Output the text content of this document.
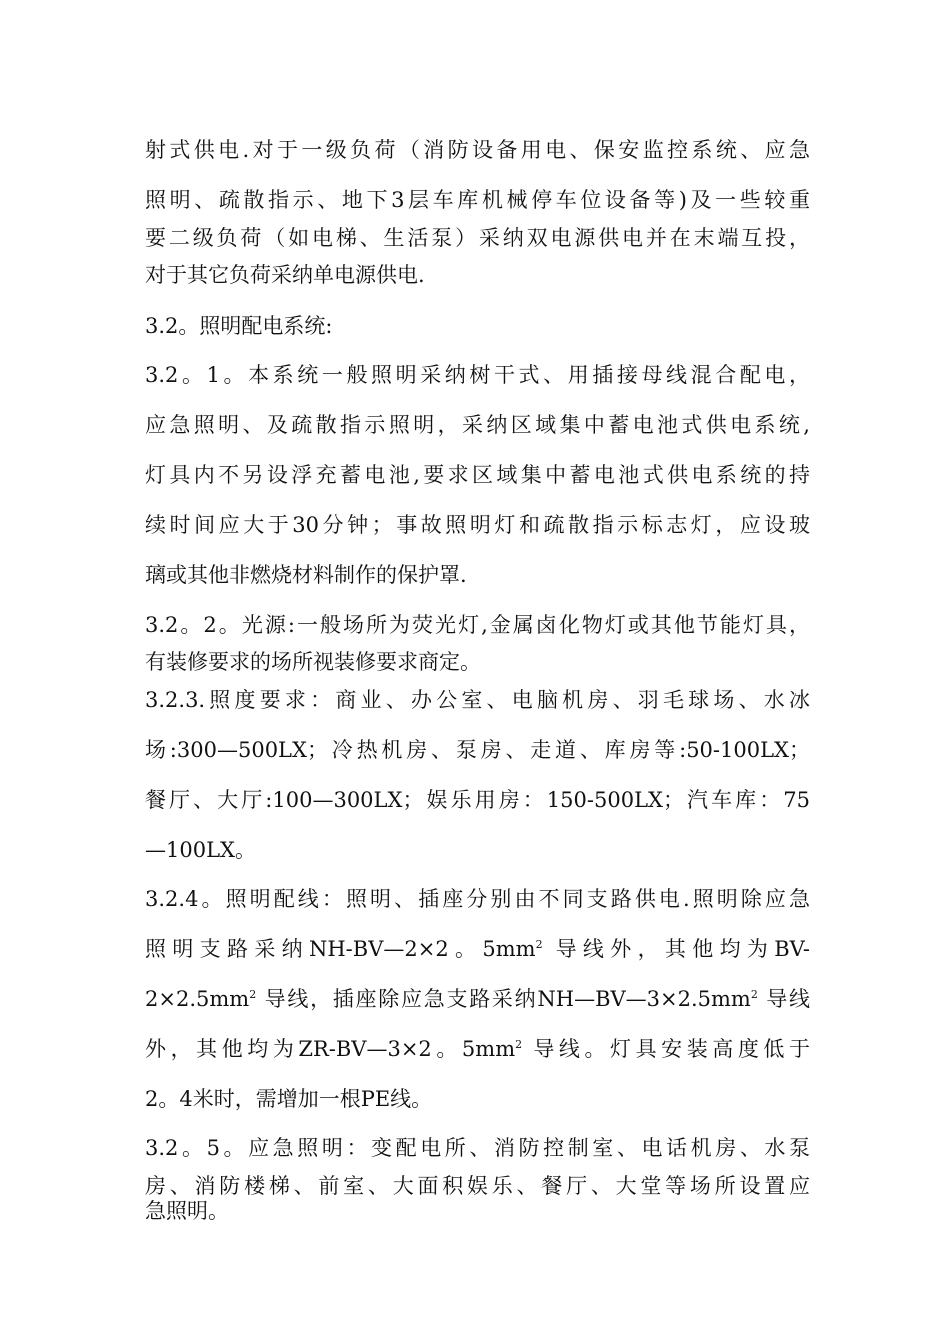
射式供电.对于一级负荷（消防设备用电、保安监控系统、应急
照明、疏散指示、地下3层车库机械停车位设备等)及一些较重
要二级负荷（如电梯、生活泵）采纳双电源供电并在末端互投，
对于其它负荷采纳单电源供电.
3.2。照明配电系统:
3.2。1。本系统一般照明采纳树干式、用插接母线混合配电，
应急照明、及疏散指示照明，采纳区域集中蓄电池式供电系统,
灯具内不另设浮充蓄电池,要求区域集中蓄电池式供电系统的持
续时间应大于30分钟；事故照明灯和疏散指示标志灯，应设玻
璃或其他非燃烧材料制作的保护罩.
3.2。2。光源:一般场所为荧光灯,金属卤化物灯或其他节能灯具，
有装修要求的场所视装修要求商定。
3.2.3.照度要求：商业、办公室、电脑机房、羽毛球场、水冰
场:300—500LX；冷热机房、泵房、走道、库房等:50-100LX；
餐厅、大厅:100—300LX；娱乐用房：150-500LX；汽车库：75
—100LX。
3.2.4。照明配线：照明、插座分别由不同支路供电.照明除应急
照明支路采纳NH-BV—2×2。$5mm^2$ 导线外，其他均为BV-
$2\times 2.5mm^2$ 导线，插座除应急支路采纳$NH—BV—3\times 2.5mm^2$ 导线
外，其他均为ZR-BV—3×2。$5mm^2$ 导线。灯具安装高度低于
2。4米时，需增加一根PE线。
3.2。5。应急照明：变配电所、消防控制室、电话机房、水泵
房、消防楼梯、前室、大面积娱乐、餐厅、大堂等场所设置应
急照明。
